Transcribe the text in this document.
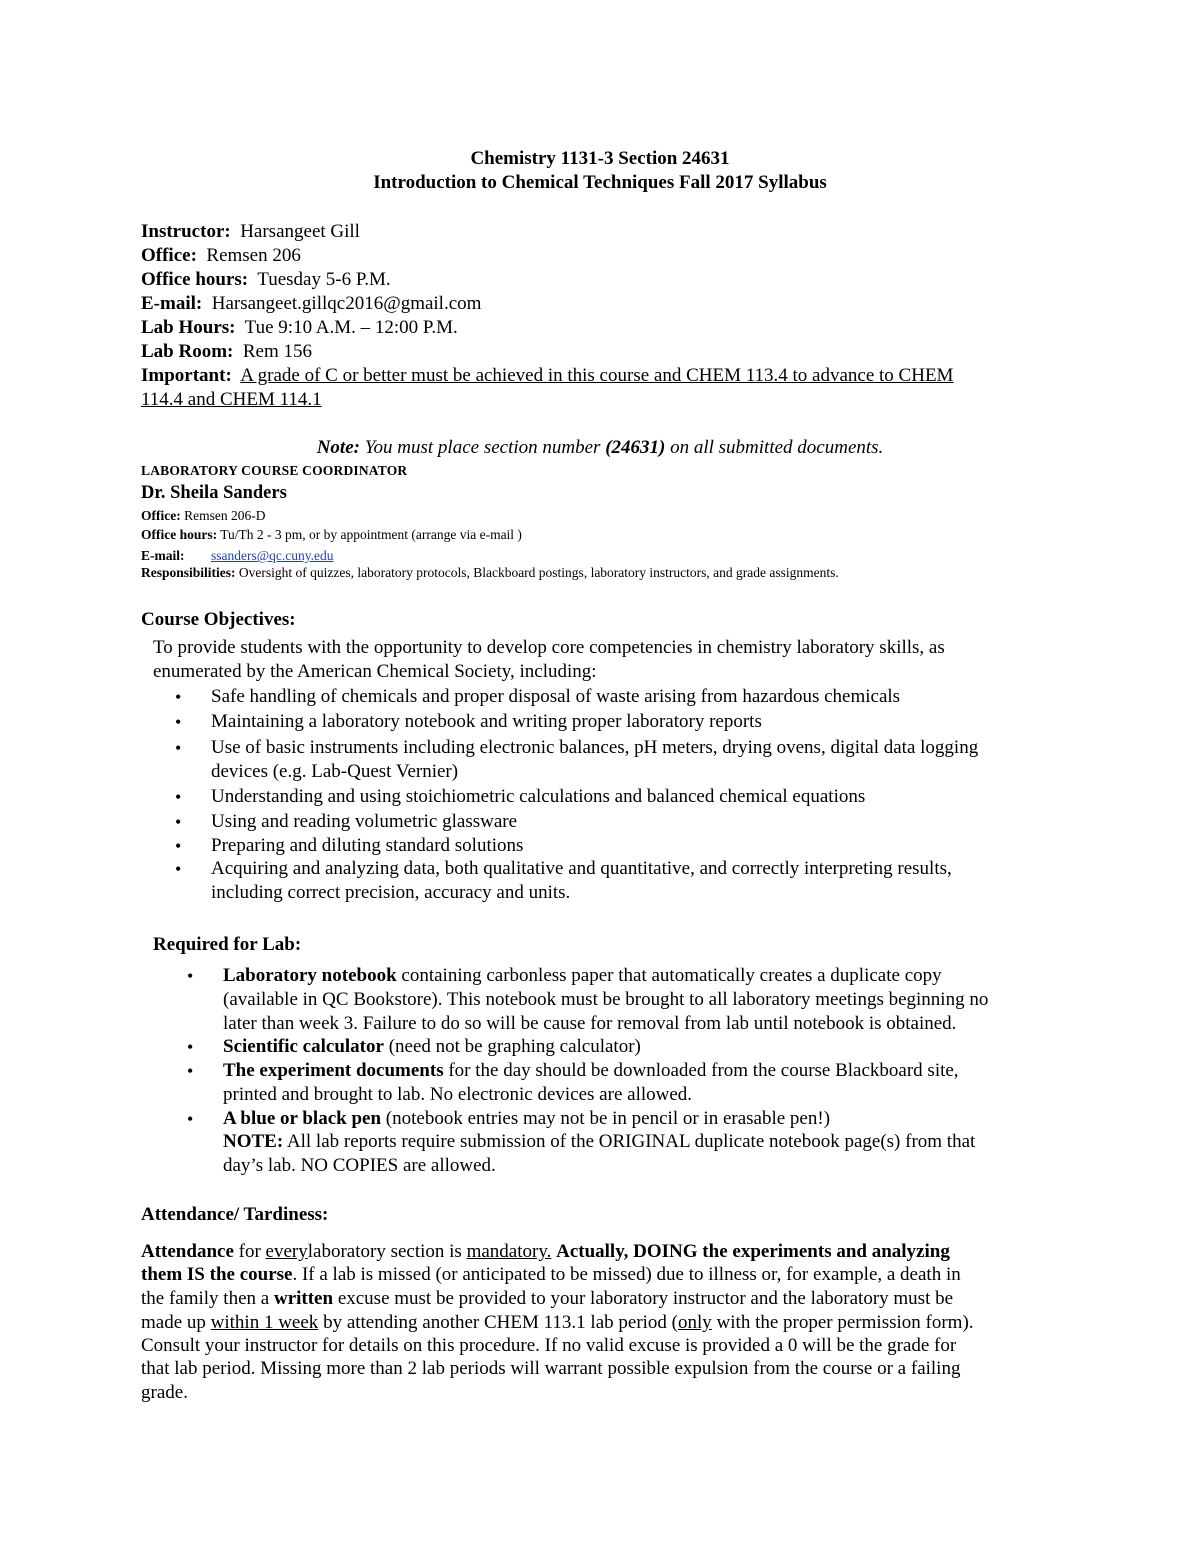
Chemistry 1131-3 Section 24631
Introduction to Chemical Techniques Fall 2017 Syllabus
Instructor: Harsangeet Gill
Office: Remsen 206
Office hours: Tuesday 5-6 P.M.
E-mail: Harsangeet.gillqc2016@gmail.com
Lab Hours: Tue 9:10 A.M. – 12:00 P.M.
Lab Room: Rem 156
Important: A grade of C or better must be achieved in this course and CHEM 113.4 to advance to CHEM
114.4 and CHEM 114.1
Note: You must place section number (24631) on all submitted documents.
LABORATORY COURSE COORDINATOR
Dr. Sheila Sanders
Office: Remsen 206-D
Office hours: Tu/Th 2 - 3 pm, or by appointment (arrange via e-mail )
E-mail: ssanders@qc.cuny.edu
Responsibilities: Oversight of quizzes, laboratory protocols, Blackboard postings, laboratory instructors, and grade assignments.
Course Objectives:
To provide students with the opportunity to develop core competencies in chemistry laboratory skills, as
enumerated by the American Chemical Society, including:
• Safe handling of chemicals and proper disposal of waste arising from hazardous chemicals
• Maintaining a laboratory notebook and writing proper laboratory reports
• Use of basic instruments including electronic balances, pH meters, drying ovens, digital data logging
devices (e.g. Lab-Quest Vernier)
• Understanding and using stoichiometric calculations and balanced chemical equations
• Using and reading volumetric glassware
• Preparing and diluting standard solutions
• Acquiring and analyzing data, both qualitative and quantitative, and correctly interpreting results,
including correct precision, accuracy and units.
Required for Lab:
• Laboratory notebook containing carbonless paper that automatically creates a duplicate copy
(available in QC Bookstore). This notebook must be brought to all laboratory meetings beginning no
later than week 3. Failure to do so will be cause for removal from lab until notebook is obtained.
• Scientific calculator (need not be graphing calculator)
• The experiment documents for the day should be downloaded from the course Blackboard site,
printed and brought to lab. No electronic devices are allowed.
• A blue or black pen (notebook entries may not be in pencil or in erasable pen!)
NOTE: All lab reports require submission of the ORIGINAL duplicate notebook page(s) from that
day’s lab. NO COPIES are allowed.
Attendance/ Tardiness:
Attendance for everylaboratory section is mandatory. Actually, DOING the experiments and analyzing
them IS the course. If a lab is missed (or anticipated to be missed) due to illness or, for example, a death in
the family then a written excuse must be provided to your laboratory instructor and the laboratory must be
made up within 1 week by attending another CHEM 113.1 lab period (only with the proper permission form).
Consult your instructor for details on this procedure. If no valid excuse is provided a 0 will be the grade for
that lab period. Missing more than 2 lab periods will warrant possible expulsion from the course or a failing
grade.
